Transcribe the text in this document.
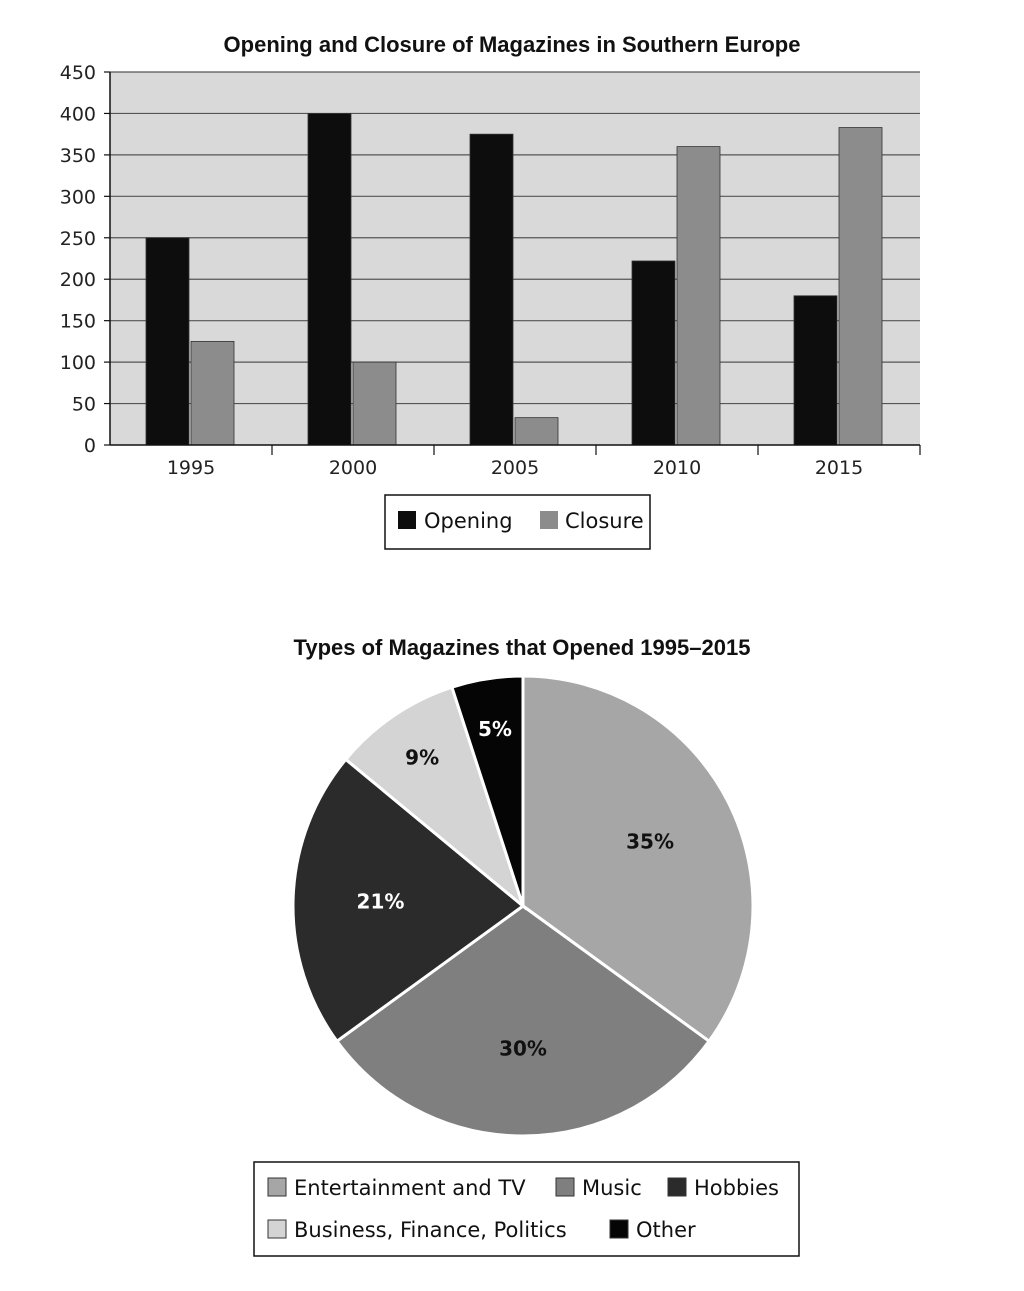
Opening and Closure of Magazines in Southern Europe
0
50
100
150
200
250
300
350
400
450
1995	2000	2005	2010	2015
Opening Closure
Types of Magazines that Opened 1995–2015
35%
30%
21%
9%
5%
Entertainment and TV	Music Hobbies
Business, Finance, Politics	Other
